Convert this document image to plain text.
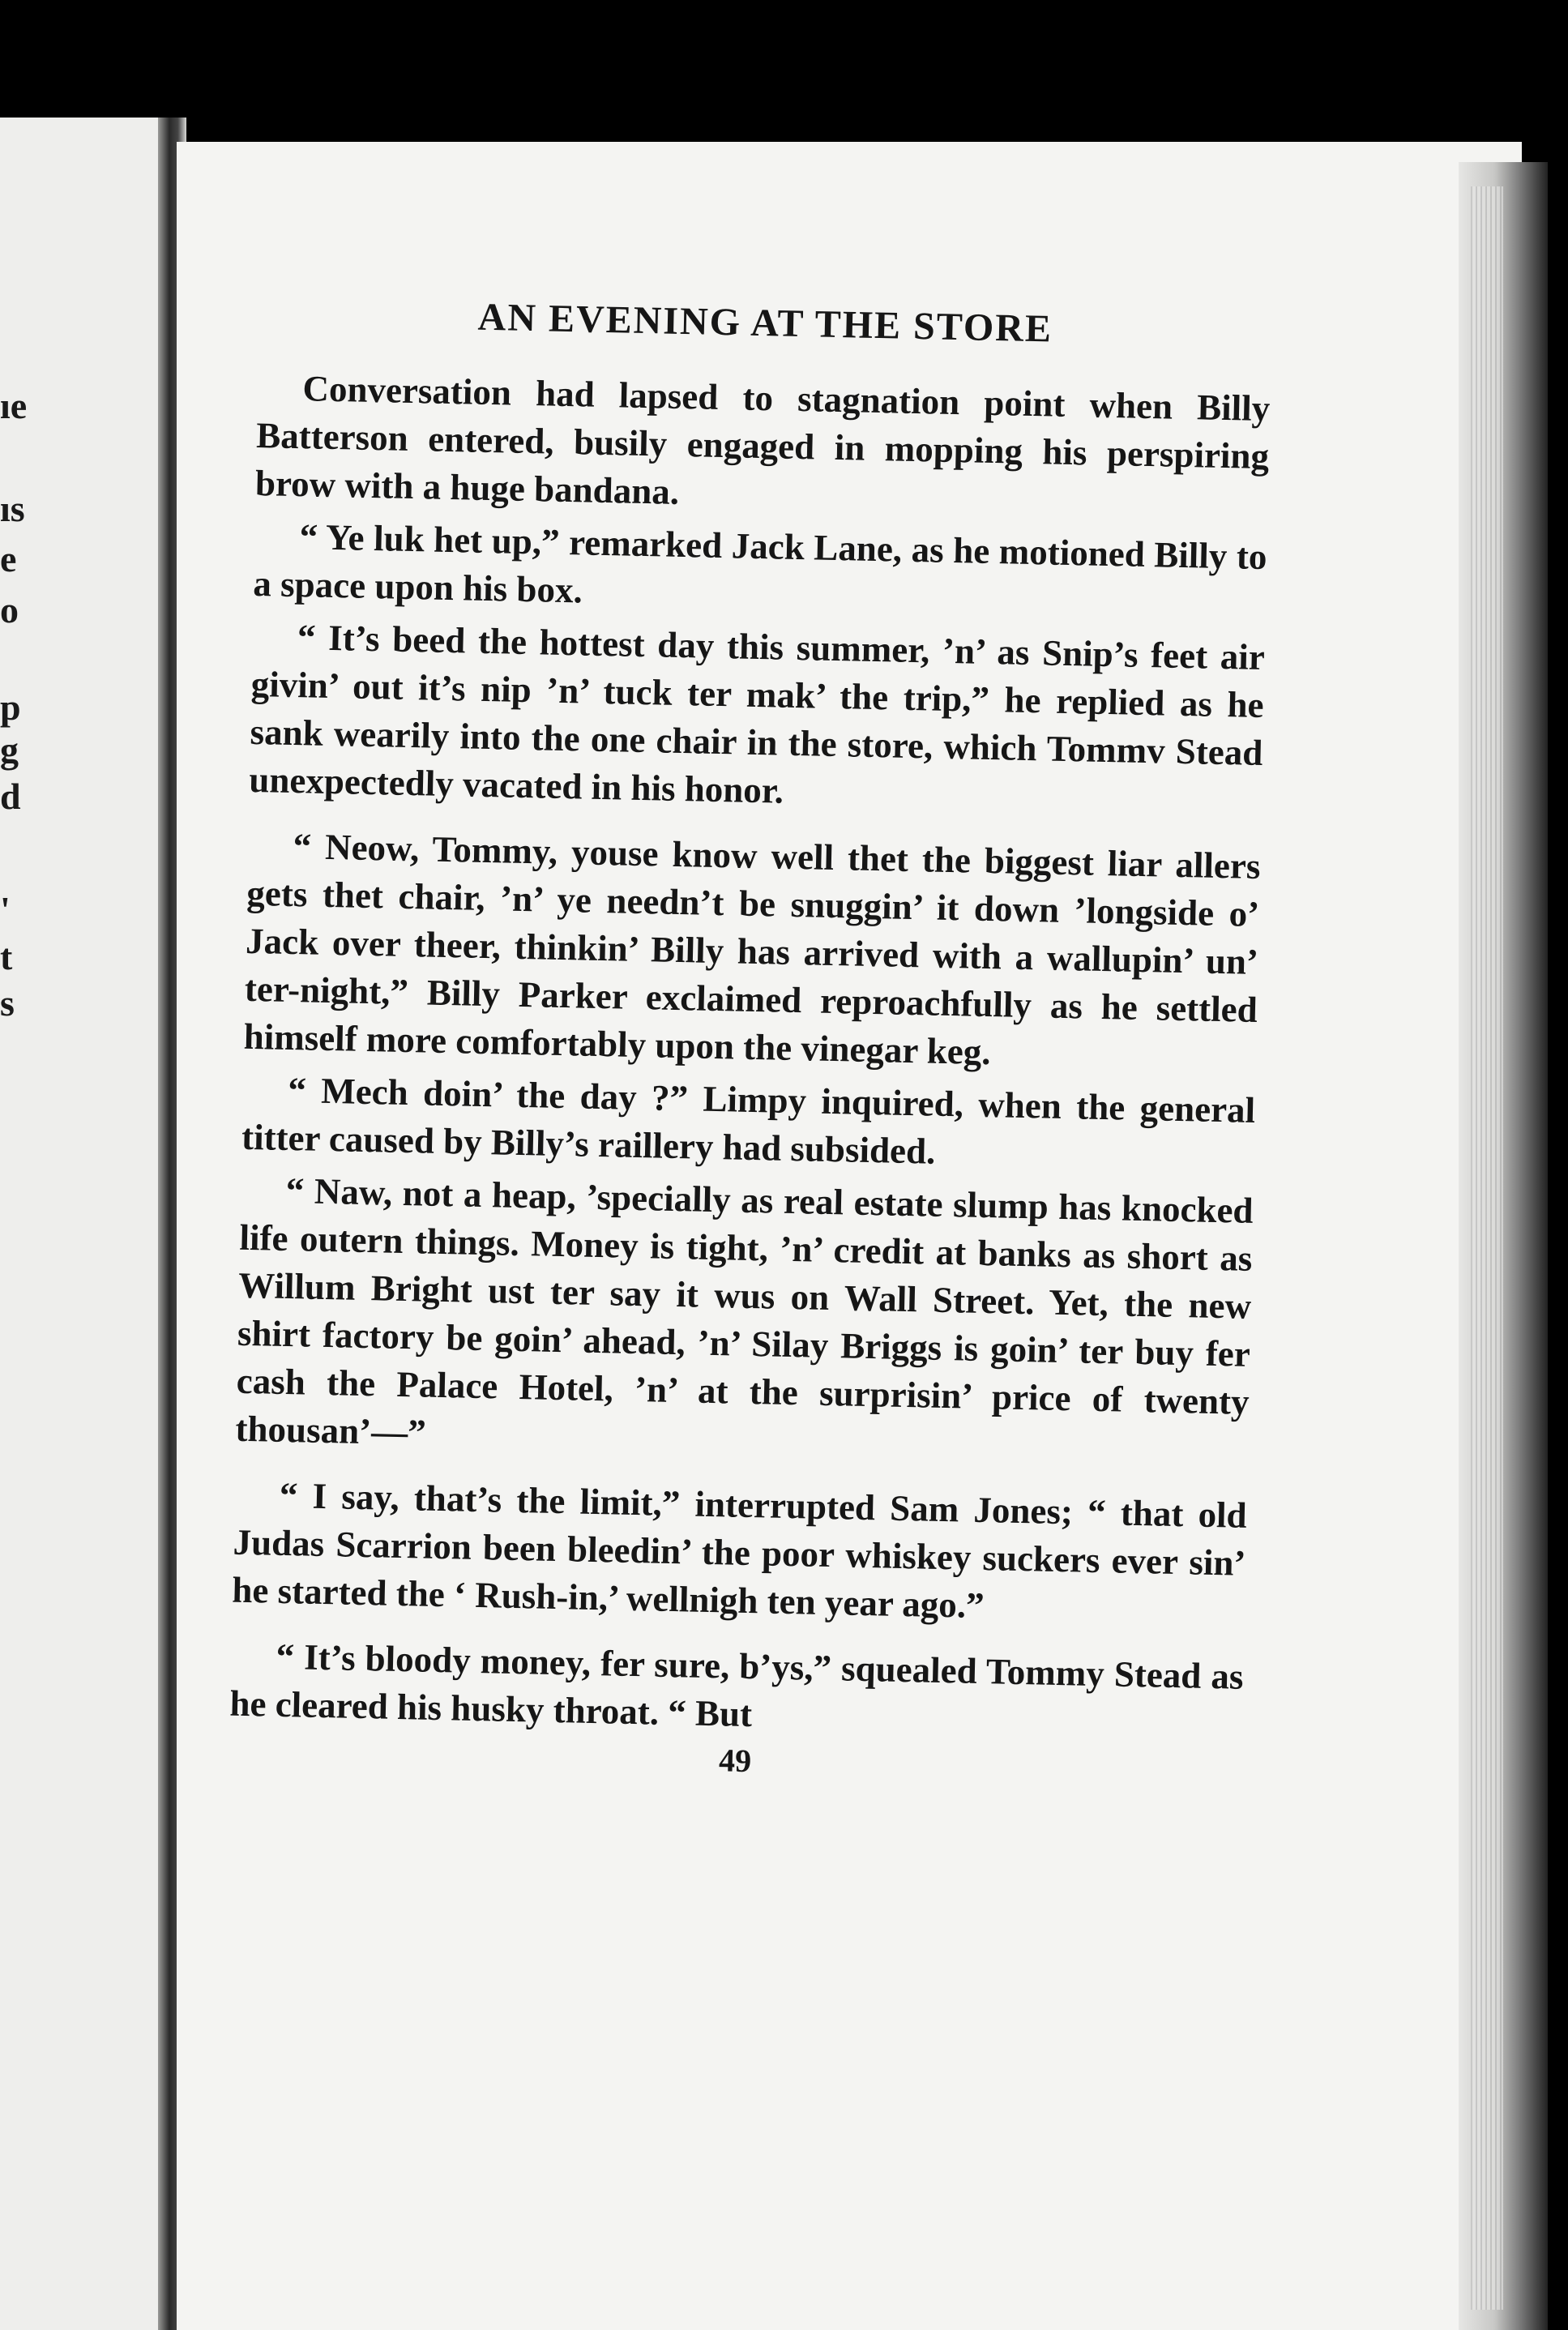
ıe
ıs
e
o
p
g
d
'
t
s
AN EVENING AT THE STORE

Conversation had lapsed to stagnation point when Billy Batterson entered, busily engaged in mopping his perspiring brow with a huge bandana.

“ Ye luk het up,” remarked Jack Lane, as he motioned Billy to a space upon his box.

“ It’s beed the hottest day this summer, ’n’ as Snip’s feet air givin’ out it’s nip ’n’ tuck ter mak’ the trip,” he replied as he sank wearily into the one chair in the store, which Tommv Stead unexpectedly vacated in his honor.

“ Neow, Tommy, youse know well thet the biggest liar allers gets thet chair, ’n’ ye needn’t be snuggin’ it down ’longside o’ Jack over theer, thinkin’ Billy has arrived with a wallupin’ un’ ter-night,” Billy Parker exclaimed reproachfully as he settled himself more comfortably upon the vinegar keg.

“ Mech doin’ the day ?” Limpy inquired, when the general titter caused by Billy’s raillery had subsided.

“ Naw, not a heap, ’specially as real estate slump has knocked life outern things. Money is tight, ’n’ credit at banks as short as Willum Bright ust ter say it wus on Wall Street. Yet, the new shirt factory be goin’ ahead, ’n’ Silay Briggs is goin’ ter buy fer cash the Palace Hotel, ’n’ at the surprisin’ price of twenty thousan’—”

“ I say, that’s the limit,” interrupted Sam Jones; “ that old Judas Scarrion been bleedin’ the poor whiskey suckers ever sin’ he started the ‘ Rush-in,’ wellnigh ten year ago.”

“ It’s bloody money, fer sure, b’ys,” squealed Tommy Stead as he cleared his husky throat. “ But

49
